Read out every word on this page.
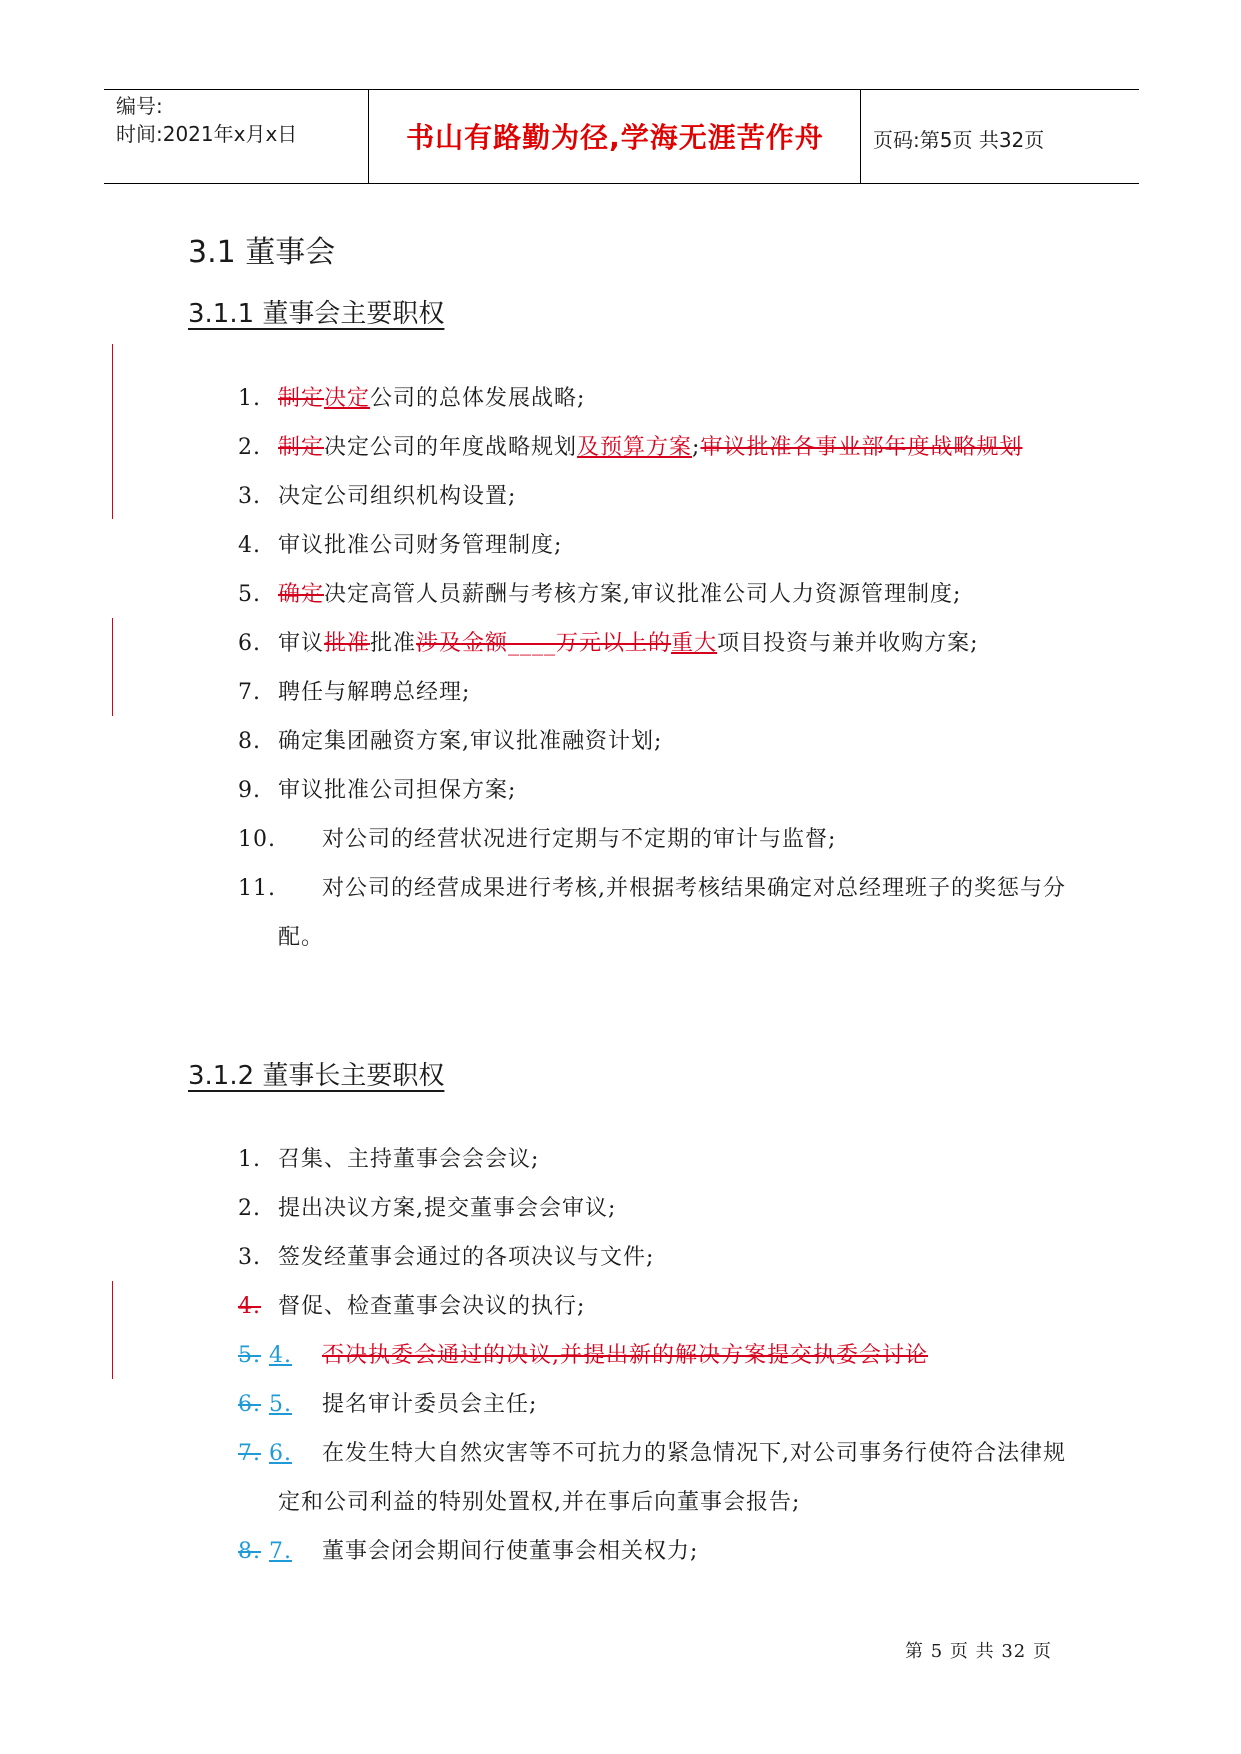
编号:
时间:2021年x月x日	书山有路勤为径,学海无涯苦作舟	页码:第5页 共32页
3.1 董事会
3.1.1 董事会主要职权
3.1.2 董事长主要职权
1. 制定决定公司的总体发展战略;
2. 制定决定公司的年度战略规划及预算方案;审议批准各事业部年度战略规划
3. 决定公司组织机构设置;
4. 审议批准公司财务管理制度;
5. 确定决定高管人员薪酬与考核方案,审议批准公司人力资源管理制度;
6. 审议批准批准涉及金额____万元以上的重大项目投资与兼并收购方案;
7. 聘任与解聘总经理;
8. 确定集团融资方案,审议批准融资计划;
9. 审议批准公司担保方案;
10. 对公司的经营状况进行定期与不定期的审计与监督;
11. 对公司的经营成果进行考核,并根据考核结果确定对总经理班子的奖惩与分配。
1. 召集、主持董事会会会议;
2. 提出决议方案,提交董事会会审议;
3. 签发经董事会通过的各项决议与文件;
4. 督促、检查董事会决议的执行;
5. 4. 否决执委会通过的决议,并提出新的解决方案提交执委会讨论
6. 5. 提名审计委员会主任;
7. 6. 在发生特大自然灾害等不可抗力的紧急情况下,对公司事务行使符合法律规定和公司利益的特别处置权,并在事后向董事会报告;
8. 7. 董事会闭会期间行使董事会相关权力;
第 5 页 共 32 页
